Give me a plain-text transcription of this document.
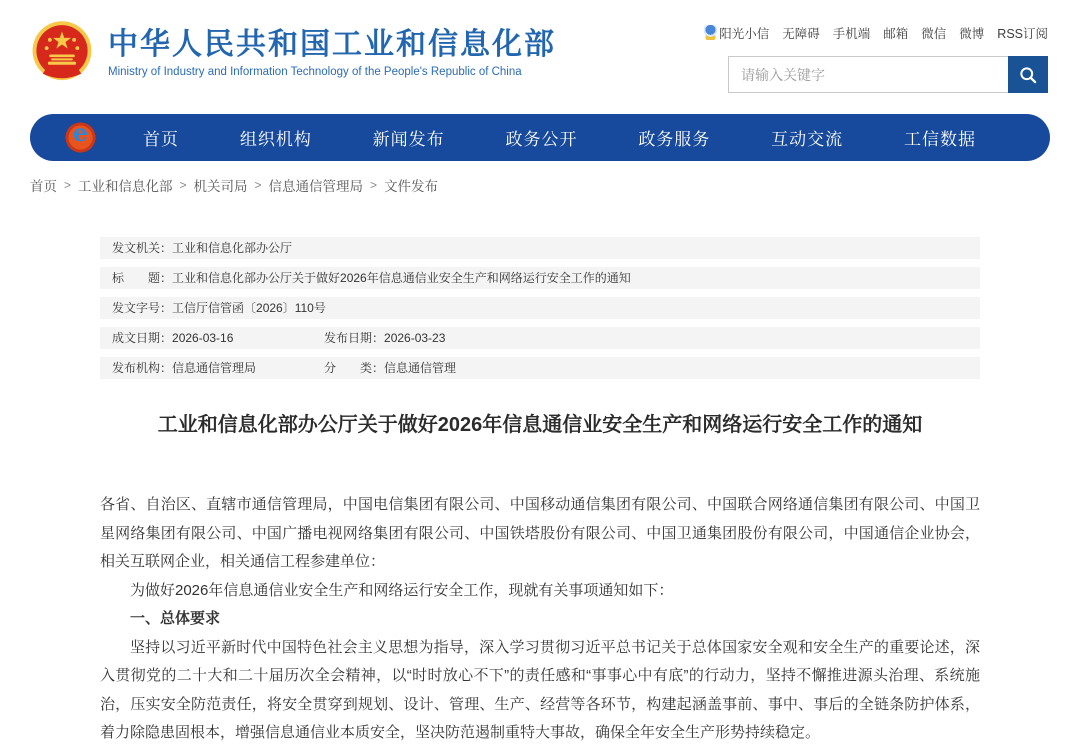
中华人民共和国工业和信息化部
Ministry of Industry and Information Technology of the People's Republic of China
阳光小信 无障碍 手机端 邮箱 微信 微博 RSS订阅
请输入关键字
e
首页	组织机构	新闻发布	政务公开	政务服务	互动交流	工信数据
首页 > 工业和信息化部 > 机关司局 > 信息通信管理局 > 文件发布
发文机关： 工业和信息化部办公厅
标　　题： 工业和信息化部办公厅关于做好2026年信息通信业安全生产和网络运行安全工作的通知
发文字号： 工信厅信管函〔2026〕110号
成文日期： 2026-03-16	发布日期： 2026-03-23
发布机构： 信息通信管理局	分　　类： 信息通信管理
工业和信息化部办公厅关于做好2026年信息通信业安全生产和网络运行安全工作的通知

各省、自治区、直辖市通信管理局，中国电信集团有限公司、中国移动通信集团有限公司、中国联合网络通信集团有限公司、中国卫星网络集团有限公司、中国广播电视网络集团有限公司、中国铁塔股份有限公司、中国卫通集团股份有限公司，中国通信企业协会，相关互联网企业，相关通信工程参建单位：

为做好2026年信息通信业安全生产和网络运行安全工作，现就有关事项通知如下：

一、总体要求

坚持以习近平新时代中国特色社会主义思想为指导，深入学习贯彻习近平总书记关于总体国家安全观和安全生产的重要论述，深入贯彻党的二十大和二十届历次全会精神，以“时时放心不下”的责任感和“事事心中有底”的行动力，坚持不懈推进源头治理、系统施治，压实安全防范责任，将安全贯穿到规划、设计、管理、生产、经营等各环节，构建起涵盖事前、事中、事后的全链条防护体系，着力除隐患固根本，增强信息通信业本质安全，坚决防范遏制重特大事故，确保全年安全生产形势持续稳定。
